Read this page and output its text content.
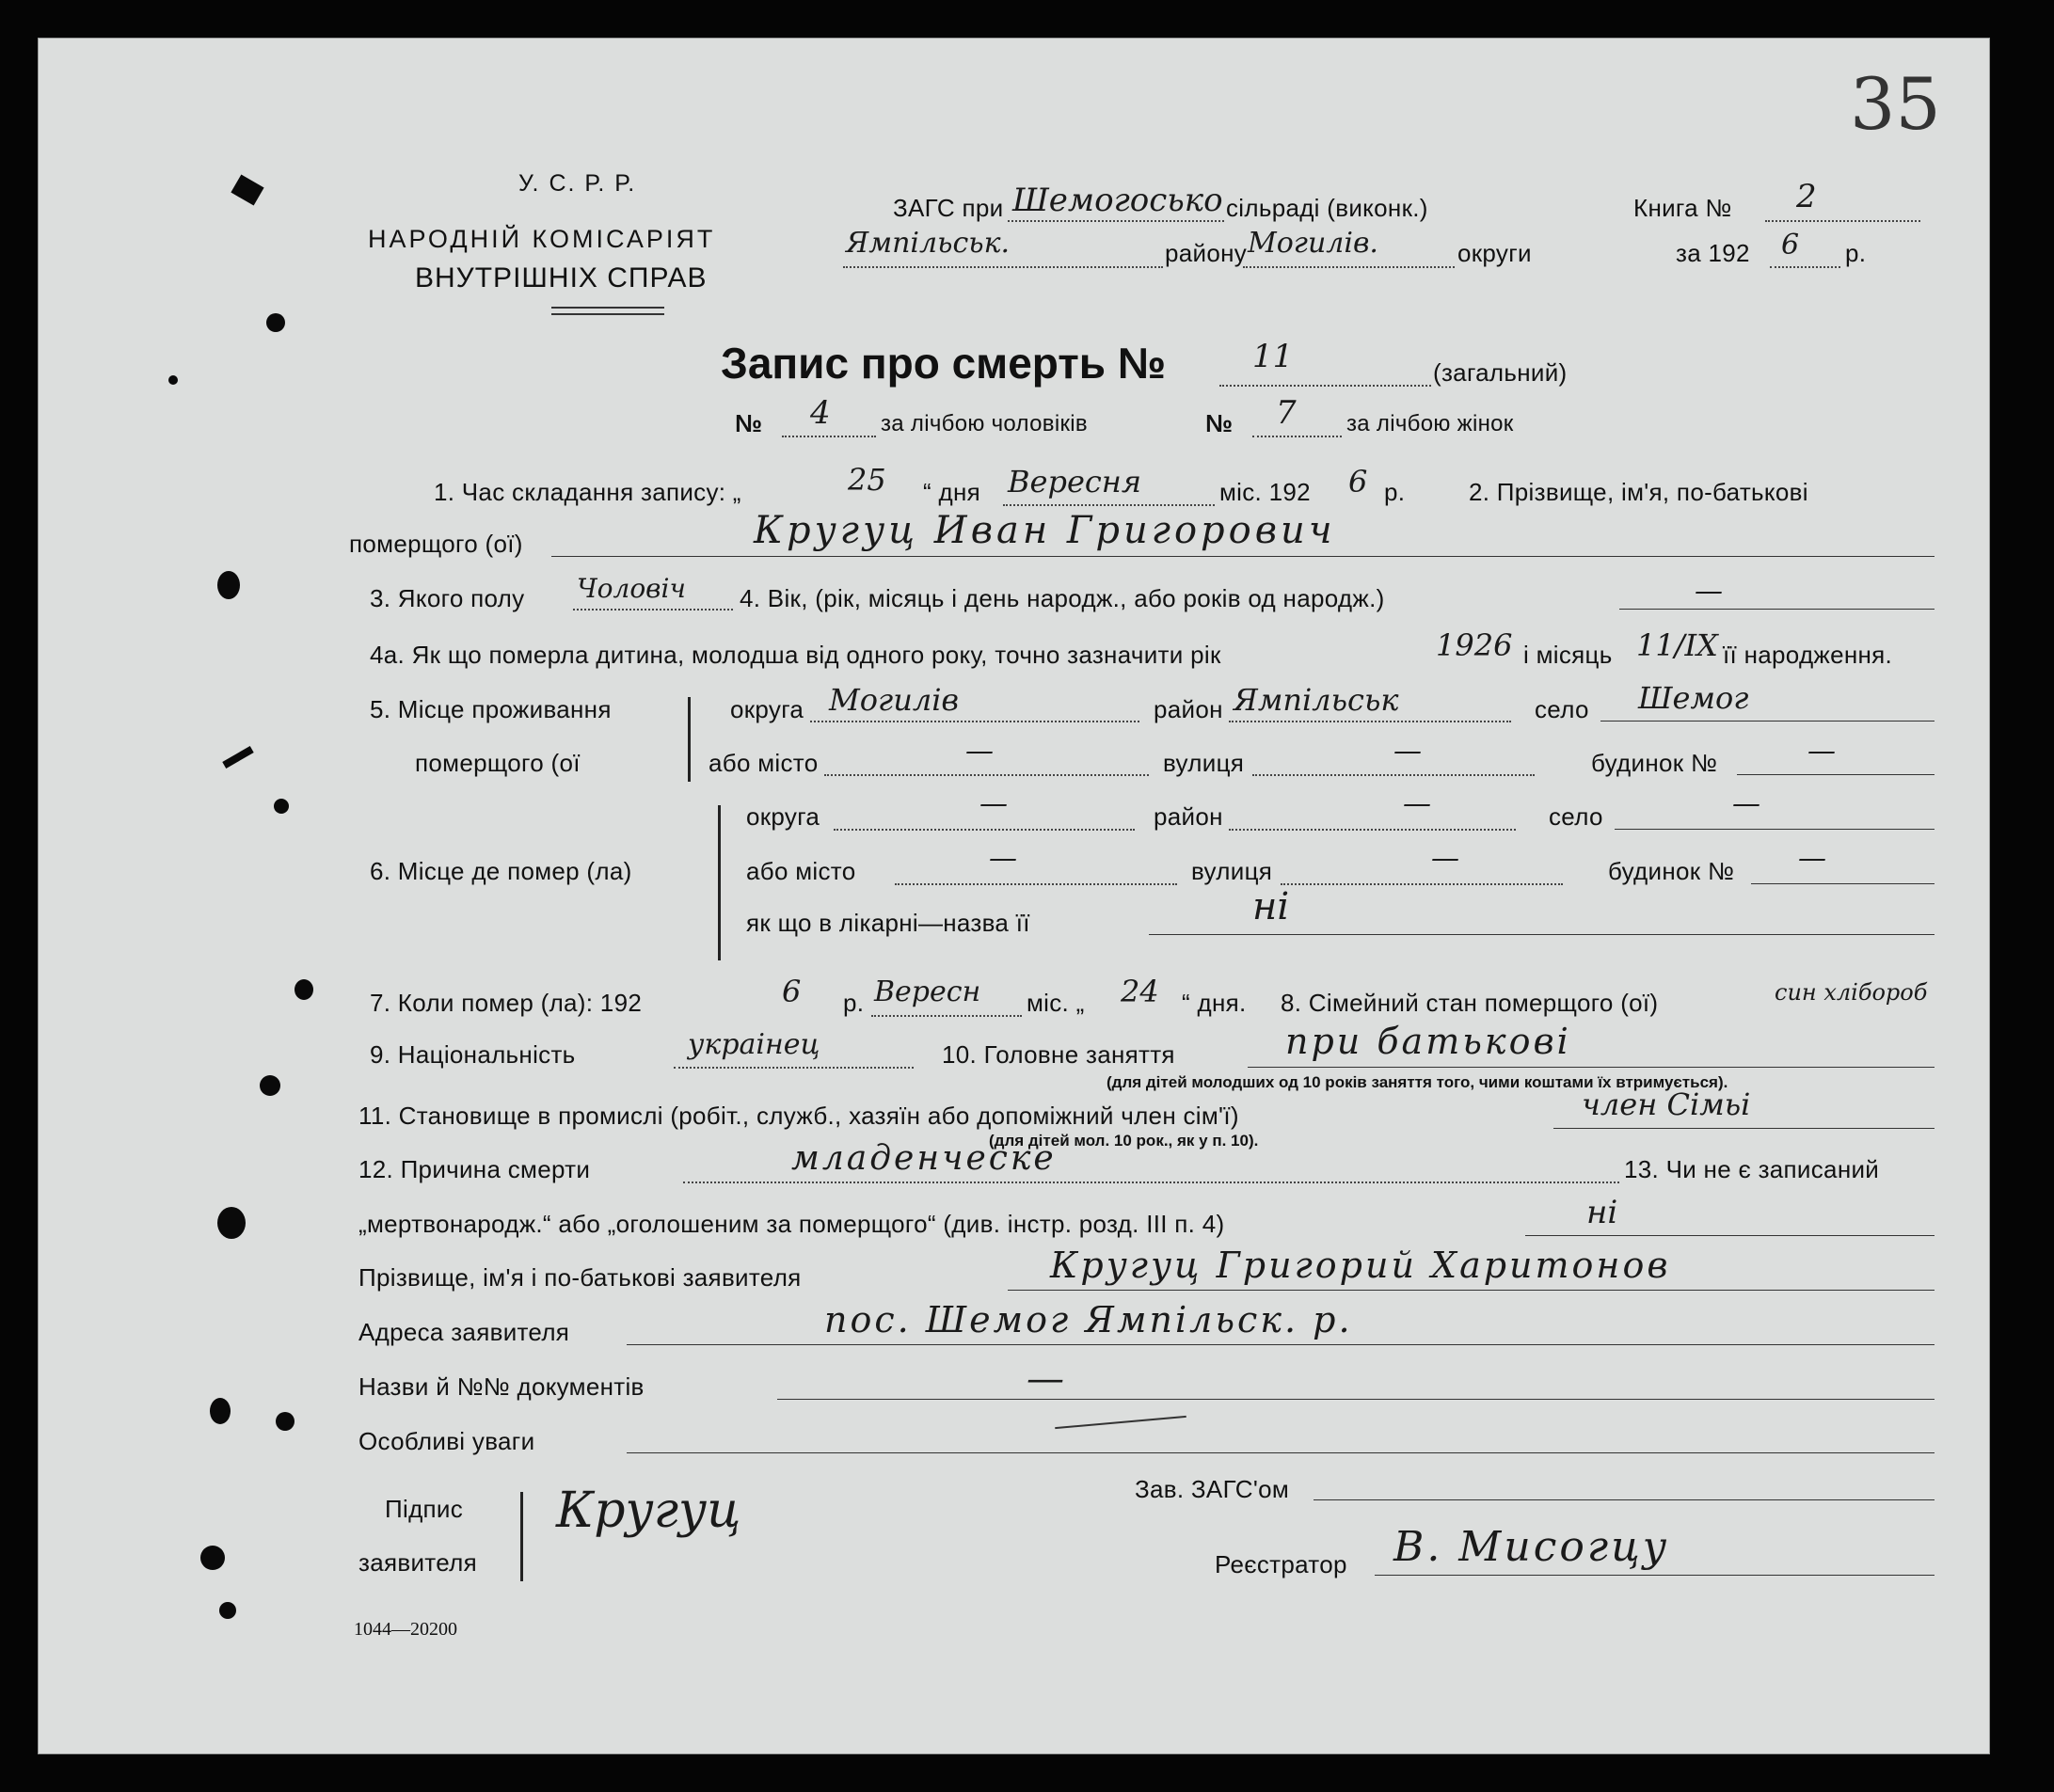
35
У. С. Р. Р.
НАРОДНІЙ КОМІСАРІЯТ
ВНУТРІШНІХ СПРАВ
ЗАГС при Шемогосько сільраді (виконк.)	Книга № 2
Ямпільськ.	району Могилів.	округи	за 192 6 р.
Запис про смерть №	11	(загальний)
№ 4 за лічбою чоловіків	№ 7 за лічбою жінок
1. Час складання запису: „	25 “ дня Вересня	міс. 192 6 р.	2. Прізвище, ім'я, по-батькові
померщого (ої)	Кругуц Иван Григорович
3. Якого полу Чоловіч 4. Вік, (рік, місяць і день народж., або років од народж.)	—
4а. Як що померла дитина, молодша від одного року, точно зазначити рік	1926 і місяць 11/IX її народження.
5. Місце проживання
померщого (ої
округа Могилів	район Ямпільськ	село Шемог
або місто	—	вулиця	—	будинок №	—
6. Місце де помер (ла)
округа	—	район	—	село	—
або місто	—	вулиця	—	будинок № —
як що в лікарні—назва її	ні
7. Коли помер (ла): 192	6 р. Вересн міс. „ 24 “ дня. 8. Сімейний стан померщого (ої)	син хлібороб
9. Національність	украінец	10. Головне заняття	при батькові
(для дітей молодших од 10 років заняття того, чими коштами їх втримується).
11. Становище в промислі (робіт., служб., хазяїн або допоміжний член сім'ї)	член Сімьі
(для дітей мол. 10 рок., як у п. 10).
12. Причина смерти	младенческе	13. Чи не є записаний
„мертвонародж.“ або „оголошеним за померщого“ (див. інстр. розд. III п. 4)	ні
Прізвище, ім'я і по-батькові заявителя	Кругуц Григорий Харитонов
Адреса заявителя	пос. Шемог Ямпільск. р.
Назви й №№ документів	—
Особливі уваги
Підпис
заявителя
Кругуц	Зав. ЗАГС'ом
Реєстратор В. Мисогцу
1044—20200
